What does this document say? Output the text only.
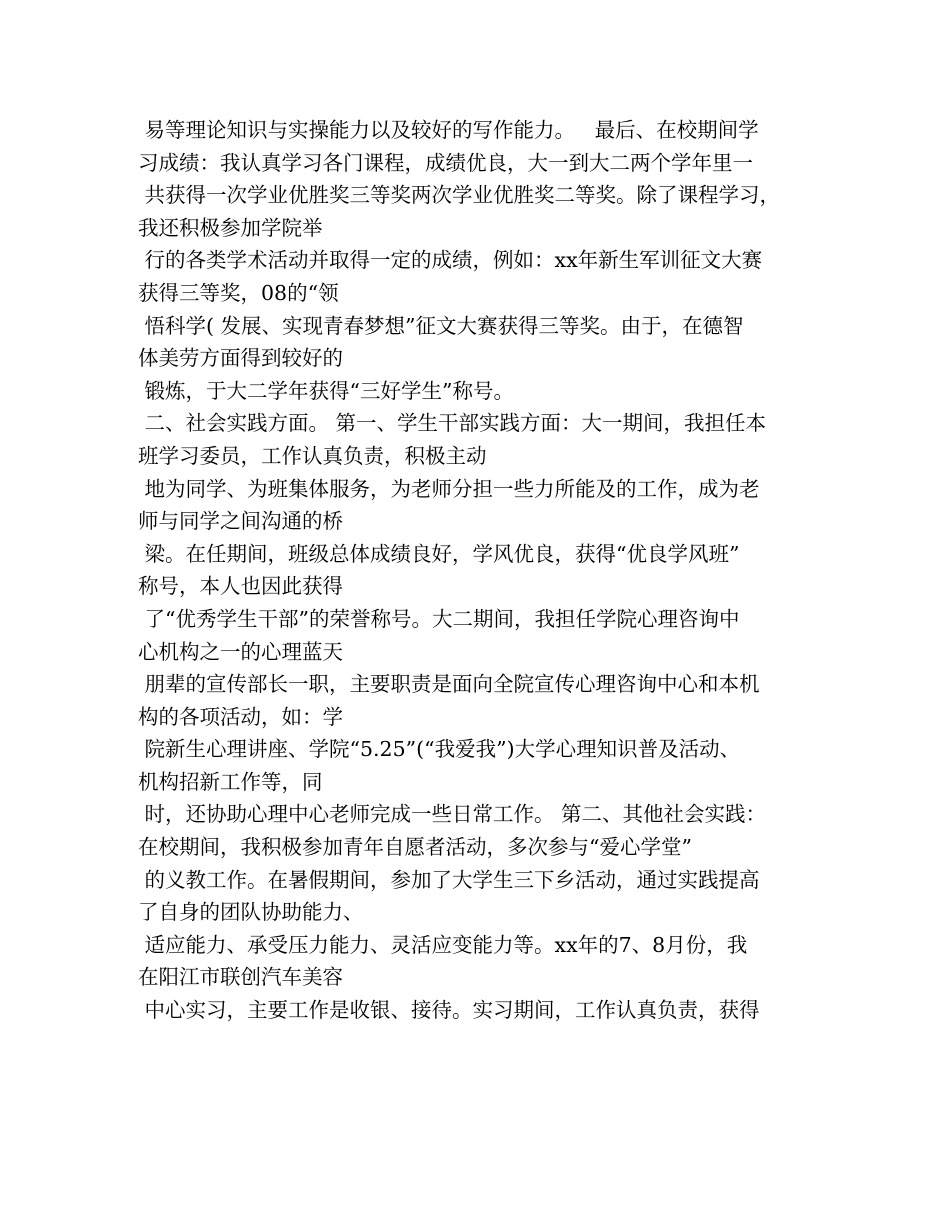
易等理论知识与实操能力以及较好的写作能力。   最后、在校期间学
习成绩：我认真学习各门课程，成绩优良，大一到大二两个学年里一
共获得一次学业优胜奖三等奖两次学业优胜奖二等奖。除了课程学习，
我还积极参加学院举
行的各类学术活动并取得一定的成绩，例如：xx年新生军训征文大赛
获得三等奖，08的“领
悟科学( 发展、实现青春梦想”征文大赛获得三等奖。由于，在德智
体美劳方面得到较好的
锻炼，于大二学年获得“三好学生”称号。
二、社会实践方面。 第一、学生干部实践方面：大一期间，我担任本
班学习委员，工作认真负责，积极主动
地为同学、为班集体服务，为老师分担一些力所能及的工作，成为老
师与同学之间沟通的桥
梁。在任期间，班级总体成绩良好，学风优良，获得“优良学风班”
称号，本人也因此获得
了“优秀学生干部”的荣誉称号。大二期间，我担任学院心理咨询中
心机构之一的心理蓝天
朋辈的宣传部长一职，主要职责是面向全院宣传心理咨询中心和本机
构的各项活动，如：学
院新生心理讲座、学院“5.25”(“我爱我”)大学心理知识普及活动、
机构招新工作等，同
时，还协助心理中心老师完成一些日常工作。 第二、其他社会实践：
在校期间，我积极参加青年自愿者活动，多次参与“爱心学堂”
的义教工作。在暑假期间，参加了大学生三下乡活动，通过实践提高
了自身的团队协助能力、
适应能力、承受压力能力、灵活应变能力等。xx年的7、8月份，我
在阳江市联创汽车美容
中心实习，主要工作是收银、接待。实习期间，工作认真负责，获得
